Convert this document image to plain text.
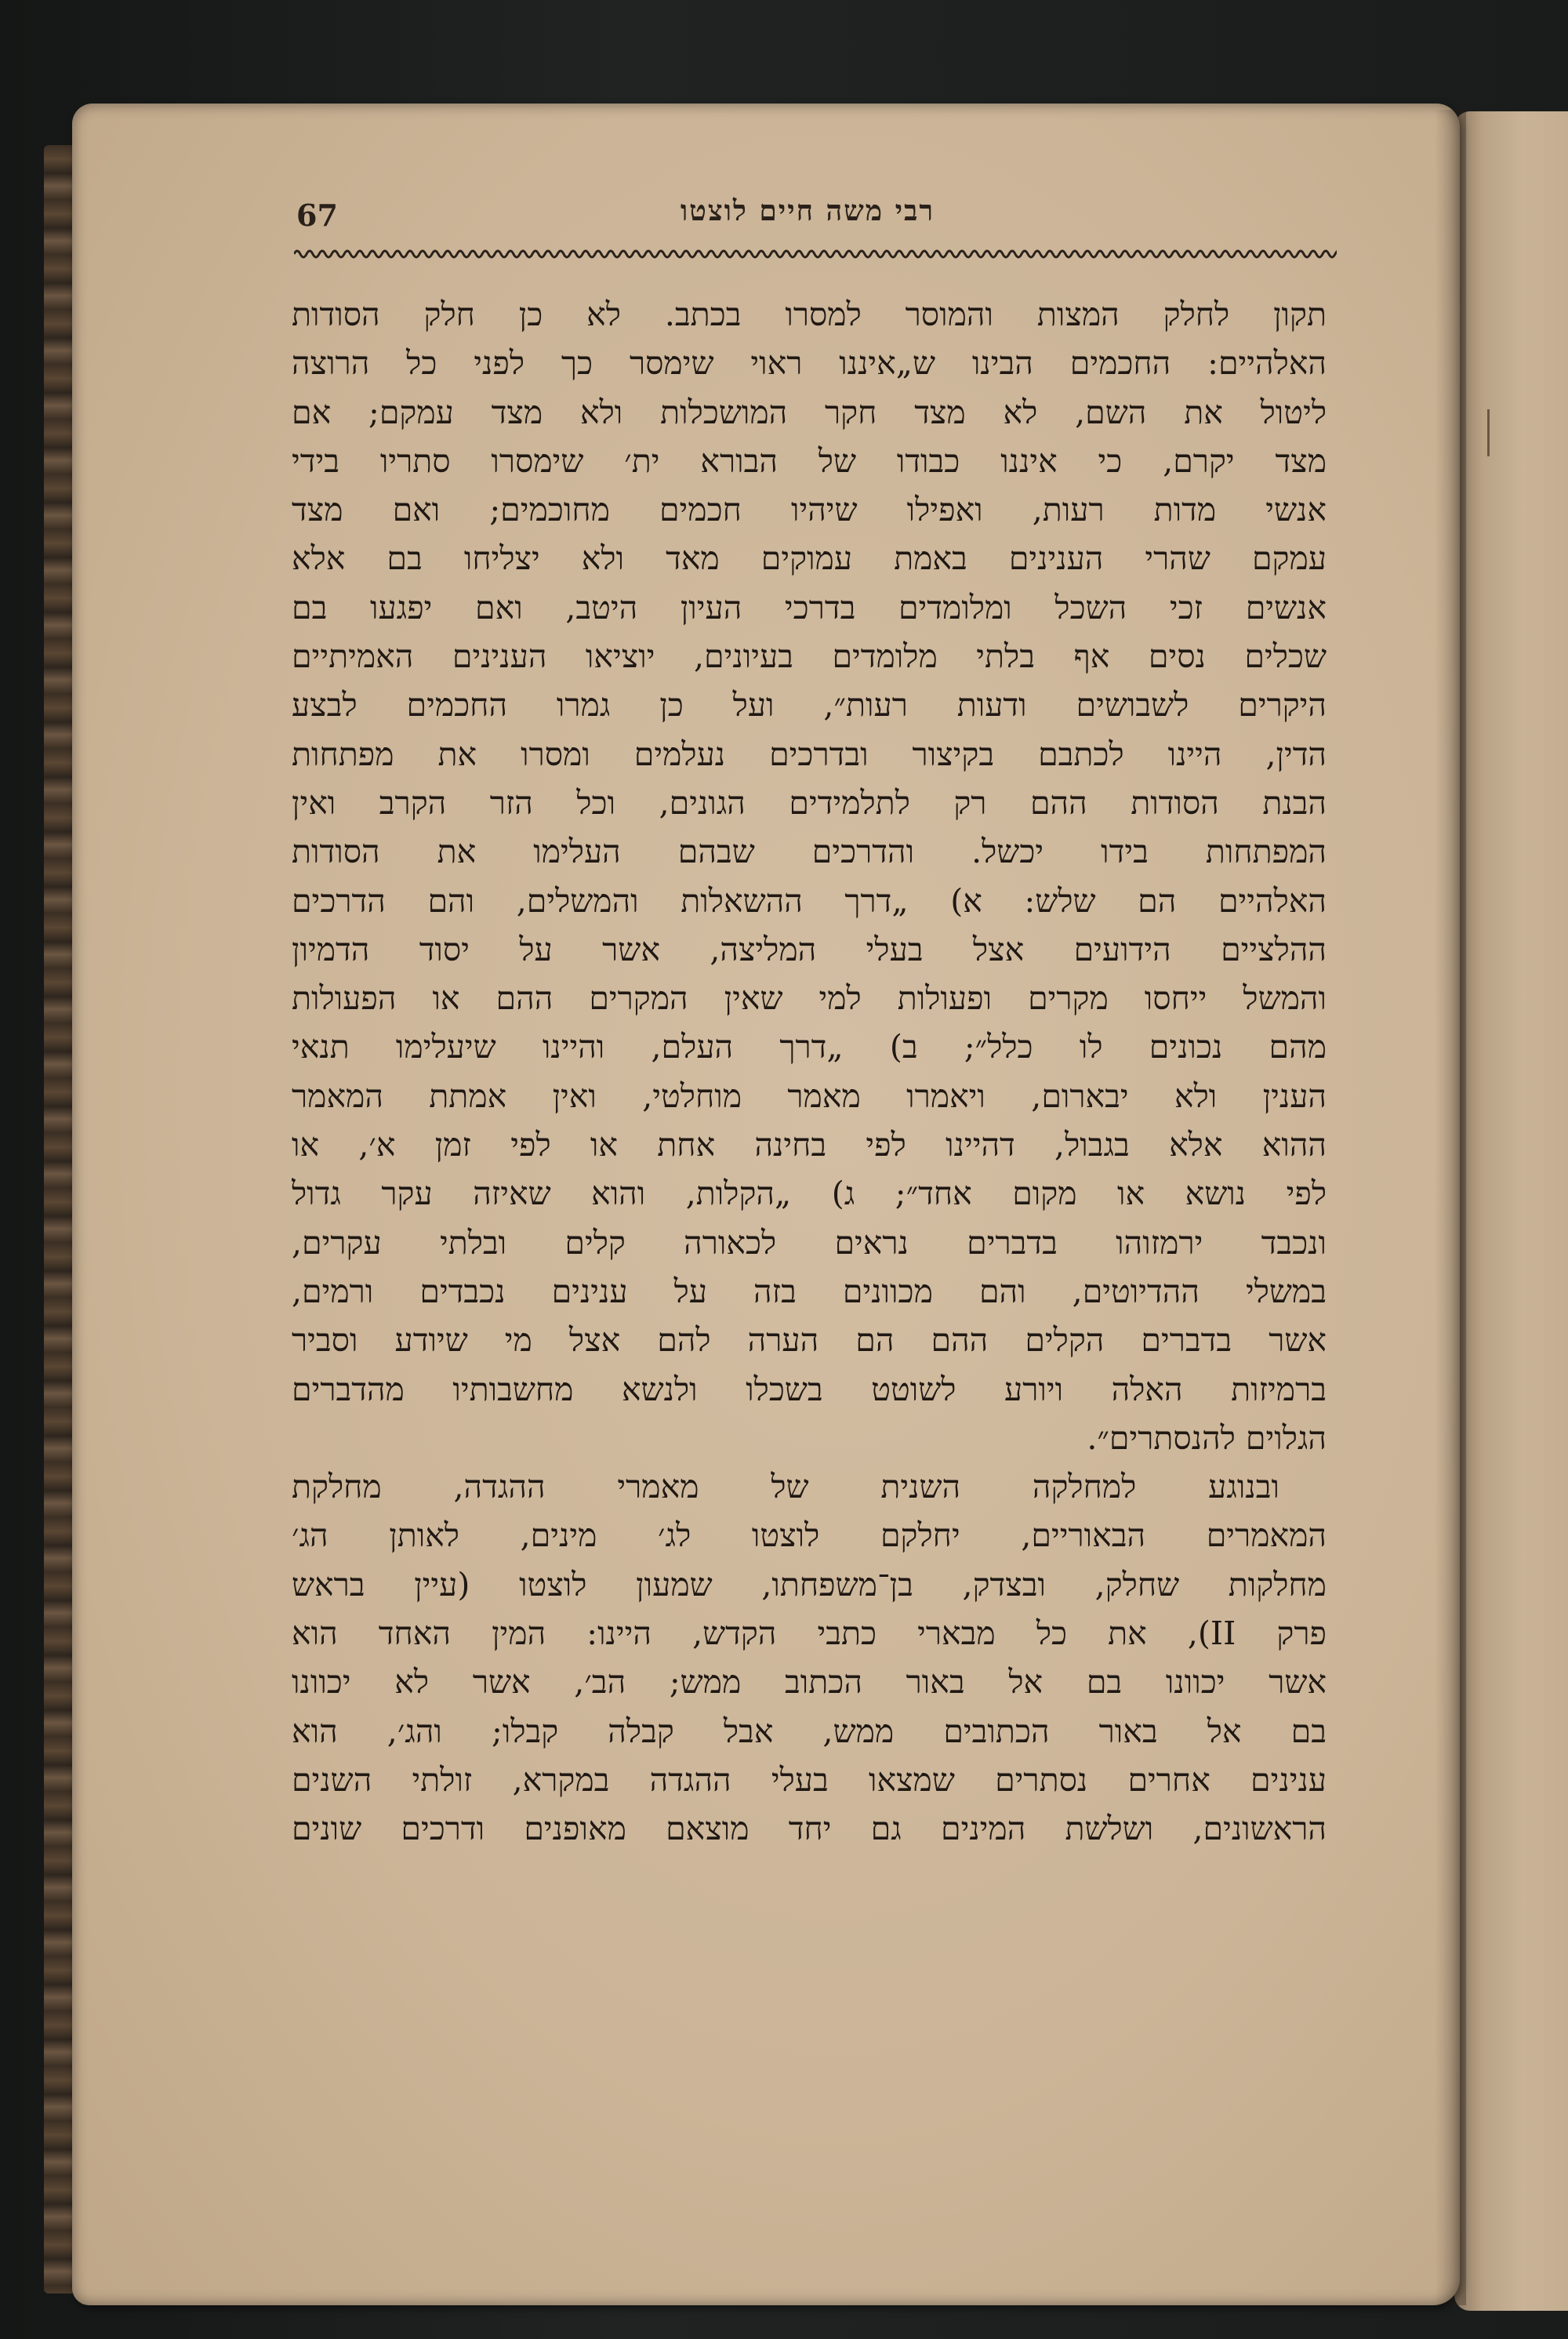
67	רבי משה חיים לוצטו
תקון לחלק המצות והמוסר למסרו בכתב. לא כן חלק הסודות
האלהיים: החכמים הבינו ש„איננו ראוי שימסר כך לפני כל הרוצה
ליטול את השם, לא מצד חקר המושכלות ולא מצד עמקם; אם
מצד יקרם, כי איננו כבודו של הבורא ית׳ שימסרו סתריו בידי
אנשי מדות רעות, ואפילו שיהיו חכמים מחוכמים; ואם מצד
עמקם שהרי הענינים באמת עמוקים מאד ולא יצליחו בם אלא
אנשים זכי השכל ומלומדים בדרכי העיון היטב, ואם יפגעו בם
שכלים נסים אף בלתי מלומדים בעיונים, יוציאו הענינים האמיתיים
היקרים לשבושים ודעות רעות״, ועל כן גמרו החכמים לבצע
הדין, היינו לכתבם בקיצור ובדרכים נעלמים ומסרו את מפתחות
הבנת הסודות ההם רק לתלמידים הגונים, וכל הזר הקרב ואין
המפתחות בידו יכשל. והדרכים שבהם העלימו את הסודות
האלהיים הם שלש: א) „דרך ההשאלות והמשלים, והם הדרכים
ההלציים הידועים אצל בעלי המליצה, אשר על יסוד הדמיון
והמשל ייחסו מקרים ופעולות למי שאין המקרים ההם או הפעולות
מהם נכונים לו כלל״; ב) „דרך העלם, והיינו שיעלימו תנאי
הענין ולא יבארום, ויאמרו מאמר מוחלטי, ואין אמתת המאמר
ההוא אלא בגבול, דהיינו לפי בחינה אחת או לפי זמן א׳, או
לפי נושא או מקום אחד״; ג) „הקלות, והוא שאיזה עקר גדול
ונכבד ירמזוהו בדברים נראים לכאורה קלים ובלתי עקרים,
במשלי ההדיוטים, והם מכוונים בזה על ענינים נכבדים ורמים,
אשר בדברים הקלים ההם הם הערה להם אצל מי שיודע וסביר
ברמיזות האלה ויורע לשוטט בשכלו ולנשא מחשבותיו מהדברים
הגלוים להנסתרים״.
ובנוגע למחלקה השנית של מאמרי ההגדה, מחלקת
המאמרים הבאוריים, יחלקם לוצטו לג׳ מינים, לאותן הג׳
מחלקות שחלק, ובצדק, בן־משפחתו, שמעון לוצטו (עיין בראש
פרק II), את כל מבארי כתבי הקדש, היינו: המין האחד הוא
אשר יכוונו בם אל באור הכתוב ממש; הב׳, אשר לא יכוונו
בם אל באור הכתובים ממש, אבל קבלה קבלו; והג׳, הוא
ענינים אחרים נסתרים שמצאו בעלי ההגדה במקרא, זולתי השנים
הראשונים, ושלשת המינים גם יחד מוצאם מאופנים ודרכים שונים
